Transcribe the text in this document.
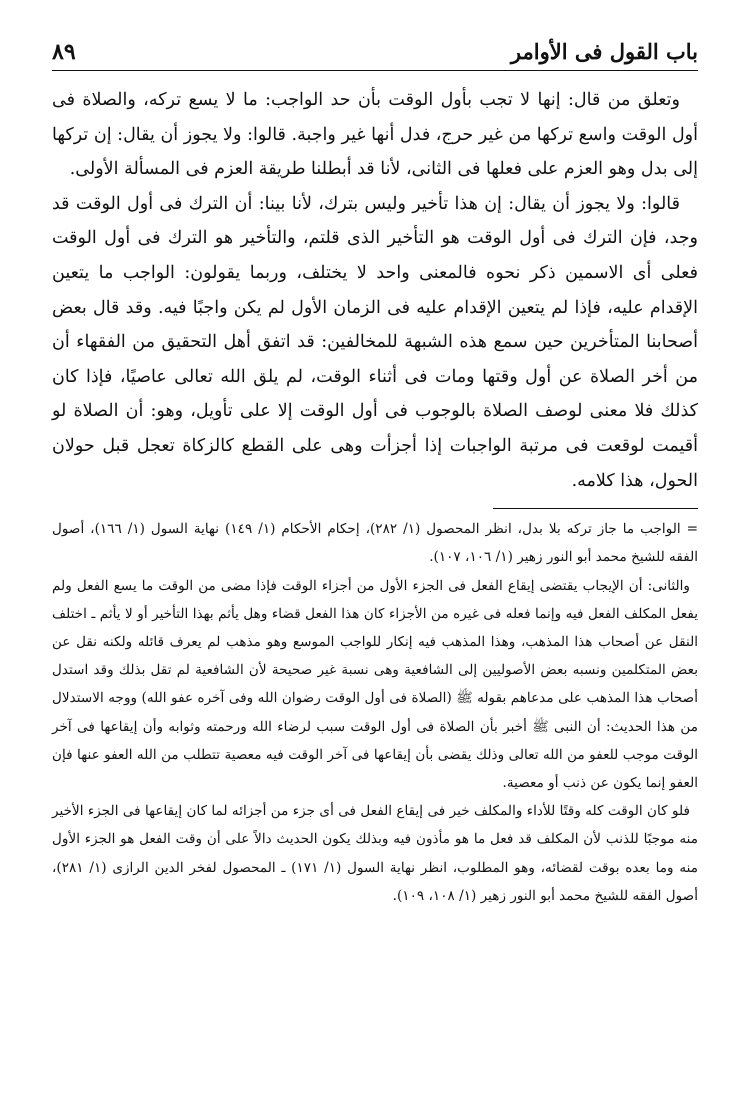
باب القول فى الأوامر
٨٩

وتعلق من قال: إنها لا تجب بأول الوقت بأن حد الواجب: ما لا يسع تركه، والصلاة فى أول الوقت واسع تركها من غير حرج، فدل أنها غير واجبة. قالوا: ولا يجوز أن يقال: إن تركها إلى بدل وهو العزم على فعلها فى الثانى، لأنا قد أبطلنا طريقة العزم فى المسألة الأولى.

قالوا: ولا يجوز أن يقال: إن هذا تأخير وليس بترك، لأنا بينا: أن الترك فى أول الوقت قد وجد، فإن الترك فى أول الوقت هو التأخير الذى قلتم، والتأخير هو الترك فى أول الوقت فعلى أى الاسمين ذكر نحوه فالمعنى واحد لا يختلف، وربما يقولون: الواجب ما يتعين الإقدام عليه، فإذا لم يتعين الإقدام عليه فى الزمان الأول لم يكن واجبًا فيه. وقد قال بعض أصحابنا المتأخرين حين سمع هذه الشبهة للمخالفين: قد اتفق أهل التحقيق من الفقهاء أن من أخر الصلاة عن أول وقتها ومات فى أثناء الوقت، لم يلق الله تعالى عاصيًا، فإذا كان كذلك فلا معنى لوصف الصلاة بالوجوب فى أول الوقت إلا على تأويل، وهو: أن الصلاة لو أقيمت لوقعت فى مرتبة الواجبات إذا أجزأت وهى على القطع كالزكاة تعجل قبل حولان الحول، هذا كلامه.

= الواجب ما جاز تركه بلا بدل، انظر المحصول (١/ ٢٨٢)، إحكام الأحكام (١/ ١٤٩) نهاية السول (١/ ١٦٦)، أصول الفقه للشيخ محمد أبو النور زهير (١/ ١٠٦، ١٠٧).

والثانى: أن الإيجاب يقتضى إيقاع الفعل فى الجزء الأول من أجزاء الوقت فإذا مضى من الوقت ما يسع الفعل ولم يفعل المكلف الفعل فيه وإنما فعله فى غيره من الأجزاء كان هذا الفعل قضاء وهل يأثم بهذا التأخير أو لا يأثم ـ اختلف النقل عن أصحاب هذا المذهب، وهذا المذهب فيه إنكار للواجب الموسع وهو مذهب لم يعرف قائله ولكنه نقل عن بعض المتكلمين ونسبه بعض الأصوليين إلى الشافعية وهى نسبة غير صحيحة لأن الشافعية لم تقل بذلك وقد استدل أصحاب هذا المذهب على مدعاهم بقوله ﷺ (الصلاة فى أول الوقت رضوان الله وفى آخره عفو الله) ووجه الاستدلال من هذا الحديث: أن النبى ﷺ أخبر بأن الصلاة فى أول الوقت سبب لرضاء الله ورحمته وثوابه وأن إيقاعها فى آخر الوقت موجب للعفو من الله تعالى وذلك يقضى بأن إيقاعها فى آخر الوقت فيه معصية تتطلب من الله العفو عنها فإن العفو إنما يكون عن ذنب أو معصية.

فلو كان الوقت كله وقتًا للأداء والمكلف خير فى إيقاع الفعل فى أى جزء من أجزائه لما كان إيقاعها فى الجزء الأخير منه موجبًا للذنب لأن المكلف قد فعل ما هو مأذون فيه وبذلك يكون الحديث دالاً على أن وقت الفعل هو الجزء الأول منه وما بعده بوقت لقضائه، وهو المطلوب، انظر نهاية السول (١/ ١٧١) ـ المحصول لفخر الدين الرازى (١/ ٢٨١)، أصول الفقه للشيخ محمد أبو النور زهير (١/ ١٠٨، ١٠٩).
